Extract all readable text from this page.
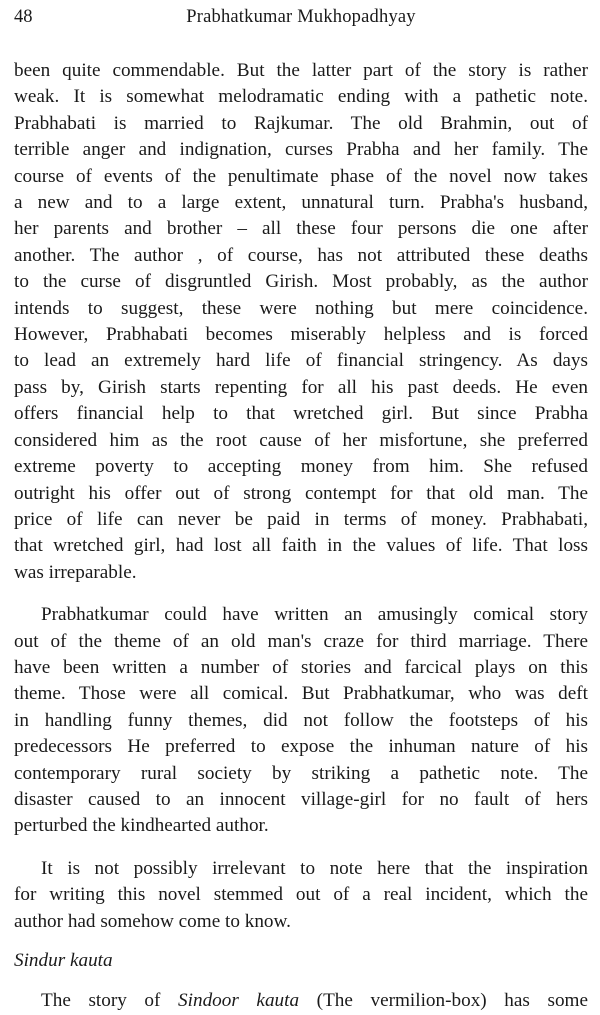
48	Prabhatkumar Mukhopadhyay

been quite commendable. But the latter part of the story is rather
weak. It is somewhat melodramatic ending with a pathetic note.
Prabhabati is married to Rajkumar. The old Brahmin, out of
terrible anger and indignation, curses Prabha and her family. The
course of events of the penultimate phase of the novel now takes
a new and to a large extent, unnatural turn. Prabha's husband,
her parents and brother – all these four persons die one after
another. The author , of course, has not attributed these deaths
to the curse of disgruntled Girish. Most probably, as the author
intends to suggest, these were nothing but mere coincidence.
However, Prabhabati becomes miserably helpless and is forced
to lead an extremely hard life of financial stringency. As days
pass by, Girish starts repenting for all his past deeds. He even
offers financial help to that wretched girl. But since Prabha
considered him as the root cause of her misfortune, she preferred
extreme poverty to accepting money from him. She refused
outright his offer out of strong contempt for that old man. The
price of life can never be paid in terms of money. Prabhabati,
that wretched girl, had lost all faith in the values of life. That loss
was irreparable.

Prabhatkumar could have written an amusingly comical story
out of the theme of an old man's craze for third marriage. There
have been written a number of stories and farcical plays on this
theme. Those were all comical. But Prabhatkumar, who was deft
in handling funny themes, did not follow the footsteps of his
predecessors He preferred to expose the inhuman nature of his
contemporary rural society by striking a pathetic note. The
disaster caused to an innocent village-girl for no fault of hers
perturbed the kindhearted author.

It is not possibly irrelevant to note here that the inspiration
for writing this novel stemmed out of a real incident, which the
author had somehow come to know.

Sindur kauta

The story of Sindoor kauta (The vermilion-box) has some
